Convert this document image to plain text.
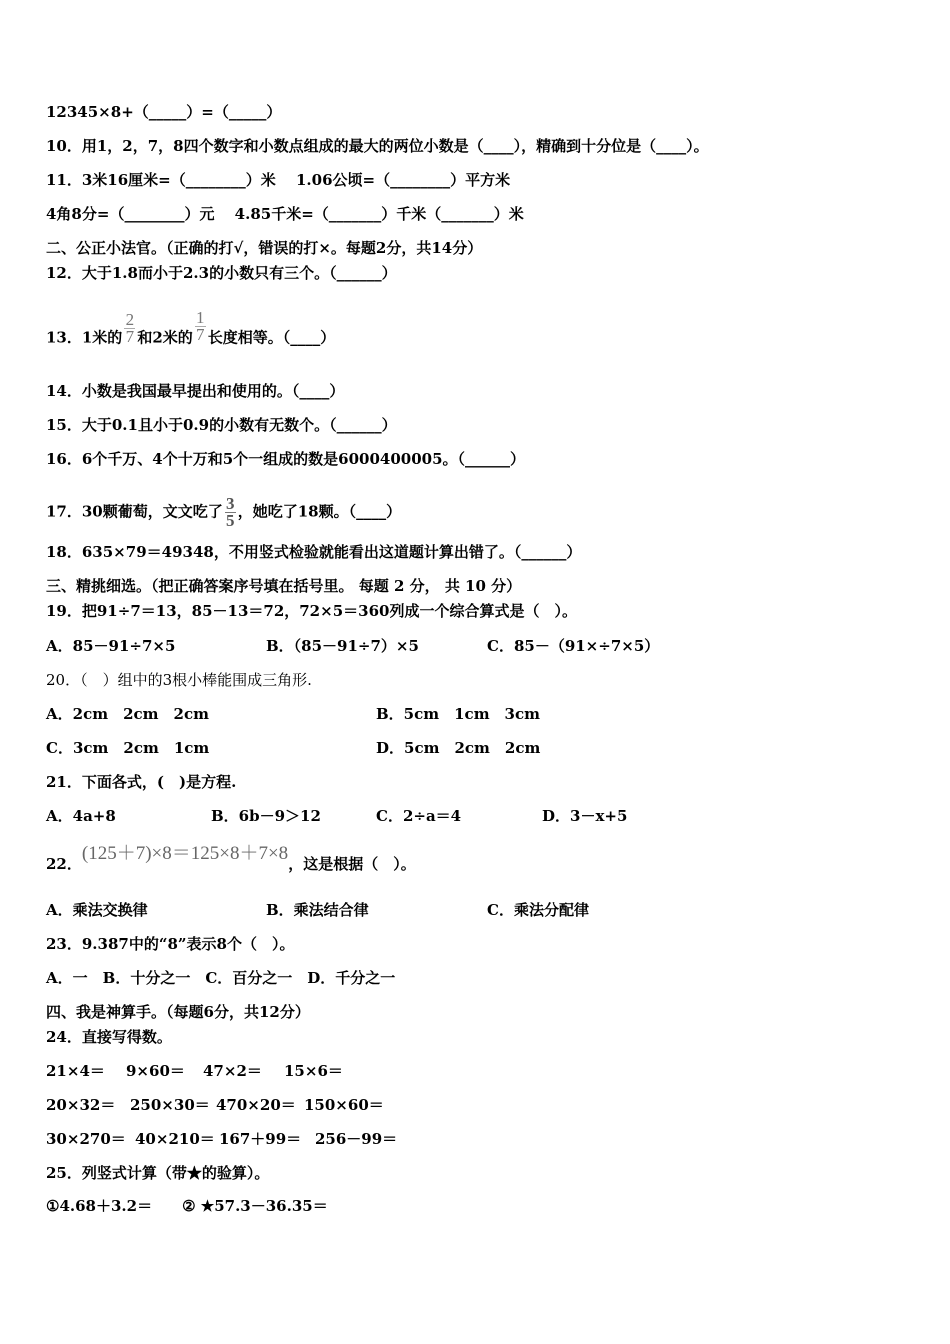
12345×8+（_____）=（_____）
10．用1，2，7，8四个数字和小数点组成的最大的两位小数是（____），精确到十分位是（____）。
11．3米16厘米=（________）米　 1.06公顷=（________）平方米
4角8分=（________）元　 4.85千米=（_______）千米（_______）米
二、公正小法官。（正确的打√，错误的打×。每题2分，共14分）
12．大于1.8而小于2.3的小数只有三个。（______）
13．1米的 $\frac{2}{7}$ 和2米的 $\frac{1}{7}$ 长度相等。（____）
14．小数是我国最早提出和使用的。（____）
15．大于0.1且小于0.9的小数有无数个。（______）
16．6个千万、4个十万和5个一组成的数是6000400005。（______）
17．30颗葡萄，文文吃了 $\frac{3}{5}$ ，她吃了18颗。（____）
18．635×79＝49348，不用竖式检验就能看出这道题计算出错了。（______）
三、精挑细选。（把正确答案序号填在括号里。 每题 2 分， 共 10 分）
19．把91÷7＝13，85－13＝72，72×5＝360列成一个综合算式是（　）。
A．85－91÷7×5	B．（85－91÷7）×5	C．85－（91×÷7×5）
20．（　）组中的3根小棒能围成三角形.
A．2cm　2cm　2cm	B．5cm　1cm　3cm
C．3cm　2cm　1cm	D．5cm　2cm　2cm
21．下面各式，(　)是方程.
A．4a+8	B．6b－9＞12	C．2÷a＝4	D．3－x+5
22．(125＋7)×8＝125×8＋7×8，这是根据（　）。
A．乘法交换律	B．乘法结合律	C．乘法分配律
23．9.387中的“8”表示8个（　）。
A．一　B．十分之一　C．百分之一　D．千分之一
四、我是神算手。（每题6分，共12分）
24．直接写得数。
21×4＝ 9×60＝ 47×2＝ 15×6＝
20×32＝ 250×30＝ 470×20＝ 150×60＝
30×270＝ 40×210＝ 167＋99＝ 256－99＝
25．列竖式计算（带★的验算）。
①4.68＋3.2＝　　② ★57.3－36.35＝
